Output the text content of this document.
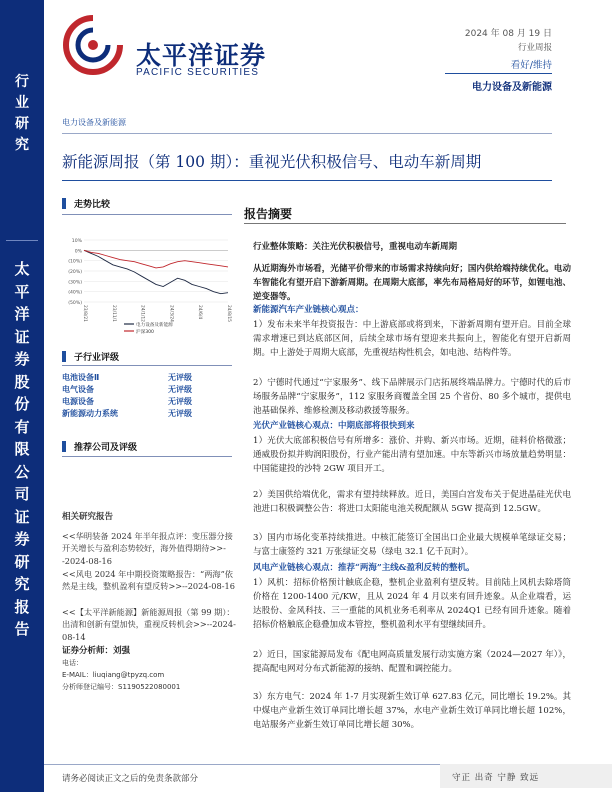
行业研究
太平洋证券股份有限公司证券研究报告
太平洋证券
PACIFIC SECURITIES
2024 年 08 月 19 日
行业周报
看好/维持
电力设备及新能源
电力设备及新能源
新能源周报（第 100 期）：重视光伏积极信号、电动车新周期
走势比较
10%
0%
(10%)
(20%)
(30%)
(40%)
(50%)
23/8/21	23/11/1	24/1/12	24/3/24	24/6/4	24/8/15
电力设备及新能源
沪深300
子行业评级
电池设备Ⅱ	无评级
电气设备	无评级
电源设备	无评级
新能源动力系统	无评级
推荐公司及评级
相关研究报告
<<华明装备 2024 年半年报点评：变压器分接开关增长与盈利态势较好，海外值得期待>>--2024-08-16
<<风电 2024 年中期投资策略报告：“两海”依然是主线，整机盈利有望反转>>--2024-08-16
<<【太平洋新能源】新能源周报（第 99 期）：出清和创新有望加快，重视反转机会>>--2024-08-14
证券分析师：刘强
电话：
E-MAIL：liuqiang@tpyzq.com
分析师登记编号：S1190522080001
报告摘要
行业整体策略：关注光伏积极信号，重视电动车新周期
从近期海外市场看，光储平价带来的市场需求持续向好；国内供给端持续优化。电动车智能化有望开启下游新周期。在周期大底部，率先布局格局好的环节，如锂电池、逆变器等。
新能源汽车产业链核心观点：
1）发布未来半年投资报告：中上游底部或将到来，下游新周期有望开启。目前全球需求增速已到达底部区间，后续全球市场有望迎来共振向上，智能化有望开启新周期。中上游处于周期大底部，先重视结构性机会，如电池、结构件等。
2）宁德时代通过“宁家服务”、线下品牌展示门店拓展终端品牌力。宁德时代的后市场服务品牌“宁家服务”，112 家服务商覆盖全国 25 个省份、80 多个城市，提供电池基础保养、维修检测及移动救援等服务。
光伏产业链核心观点：中期底部将很快到来
1）光伏大底部积极信号有所增多：涨价、并购、新兴市场。近期，硅料价格微涨；通威股份拟并购润阳股份，行业产能出清有望加速。中东等新兴市场放量趋势明显：中国能建投的沙特 2GW 项目开工。
2）美国供给端优化，需求有望持续释放。近日，美国白宫发布关于促进晶硅光伏电池进口积极调整公告：将进口太阳能电池关税配额从 5GW 提高到 12.5GW。
3）国内市场化变革持续推进。中核汇能签订全国出口企业最大规模单笔绿证交易；与富士康签约 321 万张绿证交易（绿电 32.1 亿千瓦时）。
风电产业链核心观点：推荐“两海”主线&盈利反转的整机。
1）风机：招标价格预计触底企稳，整机企业盈利有望反转。目前陆上风机去除塔筒价格在 1200-1400 元/KW，且从 2024 年 4 月以来有回升迹象。从企业端看，运达股份、金风科技、三一重能的风机业务毛利率从 2024Q1 已经有回升迹象。随着招标价格触底企稳叠加成本管控，整机盈利水平有望继续回升。
2）近日，国家能源局发布《配电网高质量发展行动实施方案（2024—2027 年）》，提高配电网对分布式新能源的接纳、配置和调控能力。
3）东方电气：2024 年 1-7 月实现新生效订单 627.83 亿元，同比增长 19.2%。其中煤电产业新生效订单同比增长超 37%，水电产业新生效订单同比增长超 102%，电站服务产业新生效订单同比增长超 30%。
请务必阅读正文之后的免责条款部分	守正 出奇 宁静 致远
